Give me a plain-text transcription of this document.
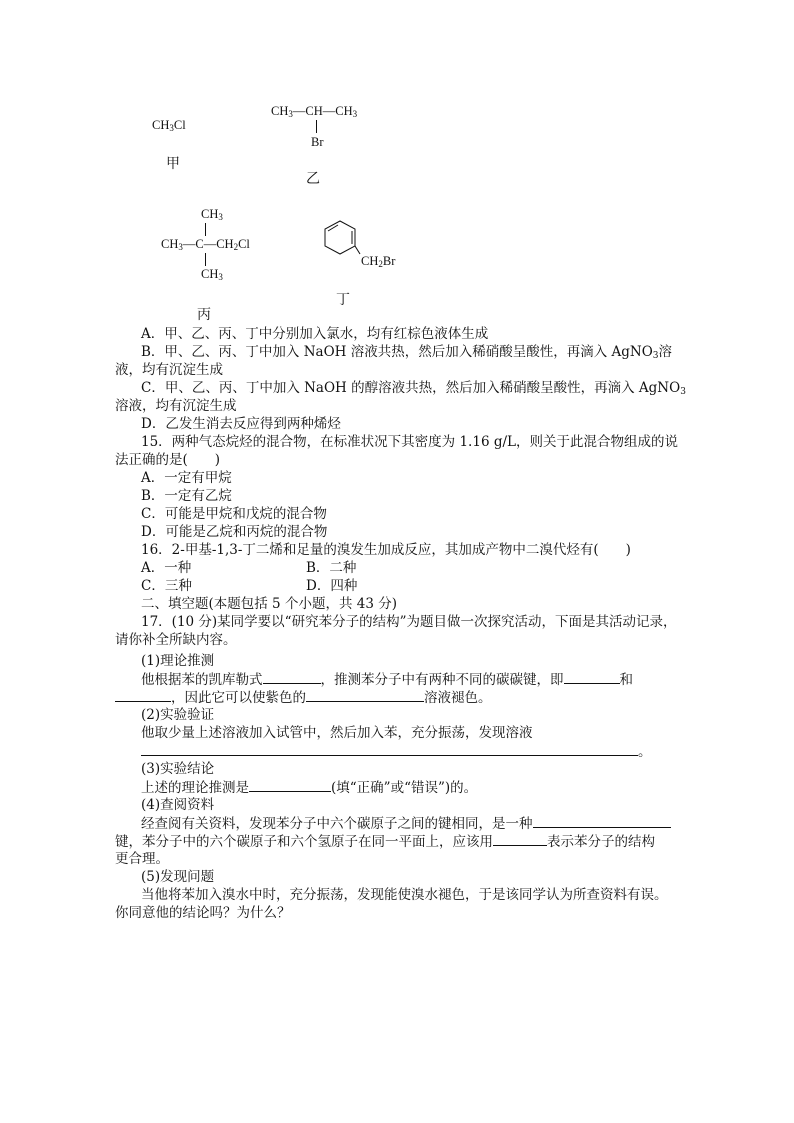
$CH_3Cl$
甲
$CH_3—CH—CH_3$
Br
乙
$CH_3$
$CH_3—C—CH_2Cl$
$CH_3$
丙
$CH_2Br$
丁
A．甲、乙、丙、丁中分别加入氯水，均有红棕色液体生成
B．甲、乙、丙、丁中加入 NaOH 溶液共热，然后加入稀硝酸呈酸性，再滴入 AgNO$_3$溶
液，均有沉淀生成
C．甲、乙、丙、丁中加入 NaOH 的醇溶液共热，然后加入稀硝酸呈酸性，再滴入 AgNO$_3$
溶液，均有沉淀生成
D．乙发生消去反应得到两种烯烃
15．两种气态烷烃的混合物，在标准状况下其密度为 1.16 g/L，则关于此混合物组成的说
法正确的是(　　)
A．一定有甲烷
B．一定有乙烷
C．可能是甲烷和戊烷的混合物
D．可能是乙烷和丙烷的混合物
16．2-甲基-1,3-丁二烯和足量的溴发生加成反应，其加成产物中二溴代烃有(　　)
A．一种	B．二种
C．三种	D．四种
二、填空题(本题包括 5 个小题，共 43 分)
17．(10 分)某同学要以“研究苯分子的结构”为题目做一次探究活动，下面是其活动记录，
请你补全所缺内容。
(1)理论推测
他根据苯的凯库勒式	，推测苯分子中有两种不同的碳碳键，即	和
，因此它可以使紫色的	溶液褪色。
(2)实验验证
他取少量上述溶液加入试管中，然后加入苯，充分振荡，发现溶液
。
(3)实验结论
上述的理论推测是	(填“正确”或“错误”)的。
(4)查阅资料
经查阅有关资料，发现苯分子中六个碳原子之间的键相同，是一种
键，苯分子中的六个碳原子和六个氢原子在同一平面上，应该用	表示苯分子的结构
更合理。
(5)发现问题
当他将苯加入溴水中时，充分振荡，发现能使溴水褪色，于是该同学认为所查资料有误。
你同意他的结论吗？为什么？
